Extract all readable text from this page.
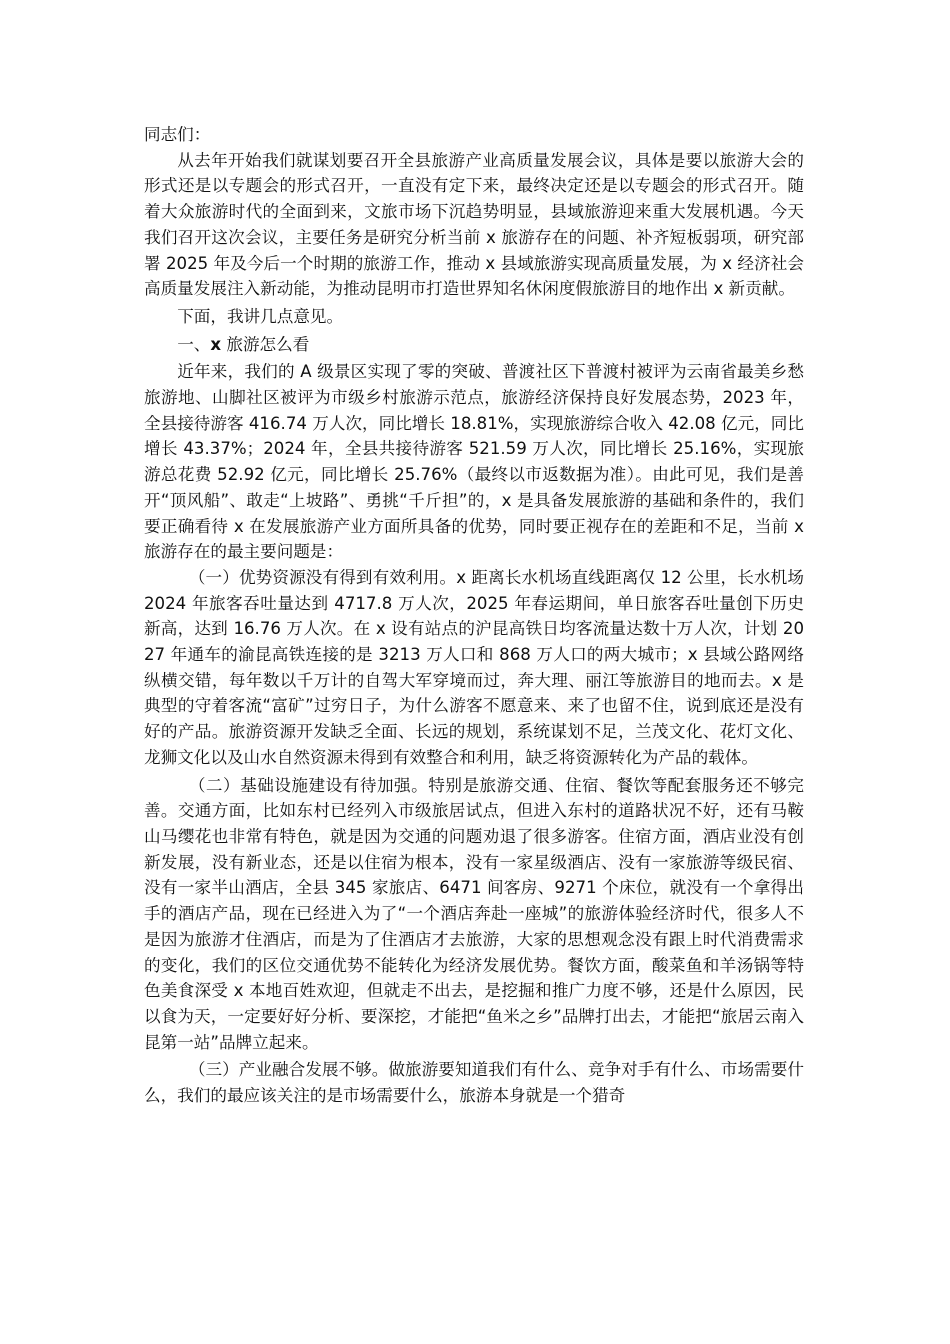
同志们：

从去年开始我们就谋划要召开全县旅游产业高质量发展会议，具体是要以旅游大会的形式还是以专题会的形式召开，一直没有定下来，最终决定还是以专题会的形式召开。随着大众旅游时代的全面到来，文旅市场下沉趋势明显，县域旅游迎来重大发展机遇。今天我们召开这次会议，主要任务是研究分析当前 x 旅游存在的问题、补齐短板弱项，研究部署 2025 年及今后一个时期的旅游工作，推动 x 县域旅游实现高质量发展，为 x 经济社会高质量发展注入新动能，为推动昆明市打造世界知名休闲度假旅游目的地作出 x 新贡献。

下面，我讲几点意见。

一、x 旅游怎么看

近年来，我们的 A 级景区实现了零的突破、普渡社区下普渡村被评为云南省最美乡愁旅游地、山脚社区被评为市级乡村旅游示范点，旅游经济保持良好发展态势，2023 年，全县接待游客 416.74 万人次，同比增长 18.81%，实现旅游综合收入 42.08 亿元，同比增长 43.37%；2024 年，全县共接待游客 521.59 万人次，同比增长 25.16%，实现旅游总花费 52.92 亿元，同比增长 25.76%（最终以市返数据为准）。由此可见，我们是善开“顶风船”、敢走“上坡路”、勇挑“千斤担”的，x 是具备发展旅游的基础和条件的，我们要正确看待 x 在发展旅游产业方面所具备的优势，同时要正视存在的差距和不足，当前 x 旅游存在的最主要问题是：

（一）优势资源没有得到有效利用。x 距离长水机场直线距离仅 12 公里，长水机场 2024 年旅客吞吐量达到 4717.8 万人次，2025 年春运期间，单日旅客吞吐量创下历史新高，达到 16.76 万人次。在 x 设有站点的沪昆高铁日均客流量达数十万人次，计划 2027 年通车的渝昆高铁连接的是 3213 万人口和 868 万人口的两大城市；x 县域公路网络纵横交错，每年数以千万计的自驾大军穿境而过，奔大理、丽江等旅游目的地而去。x 是典型的守着客流“富矿”过穷日子，为什么游客不愿意来、来了也留不住，说到底还是没有好的产品。旅游资源开发缺乏全面、长远的规划，系统谋划不足，兰茂文化、花灯文化、龙狮文化以及山水自然资源未得到有效整合和利用，缺乏将资源转化为产品的载体。

（二）基础设施建设有待加强。特别是旅游交通、住宿、餐饮等配套服务还不够完善。交通方面，比如东村已经列入市级旅居试点，但进入东村的道路状况不好，还有马鞍山马缨花也非常有特色，就是因为交通的问题劝退了很多游客。住宿方面，酒店业没有创新发展，没有新业态，还是以住宿为根本，没有一家星级酒店、没有一家旅游等级民宿、没有一家半山酒店，全县 345 家旅店、6471 间客房、9271 个床位，就没有一个拿得出手的酒店产品，现在已经进入为了“一个酒店奔赴一座城”的旅游体验经济时代，很多人不是因为旅游才住酒店，而是为了住酒店才去旅游，大家的思想观念没有跟上时代消费需求的变化，我们的区位交通优势不能转化为经济发展优势。餐饮方面，酸菜鱼和羊汤锅等特色美食深受 x 本地百姓欢迎，但就走不出去，是挖掘和推广力度不够，还是什么原因，民以食为天，一定要好好分析、要深挖，才能把“鱼米之乡”品牌打出去，才能把“旅居云南入昆第一站”品牌立起来。

（三）产业融合发展不够。做旅游要知道我们有什么、竞争对手有什么、市场需要什么，我们的最应该关注的是市场需要什么，旅游本身就是一个猎奇
